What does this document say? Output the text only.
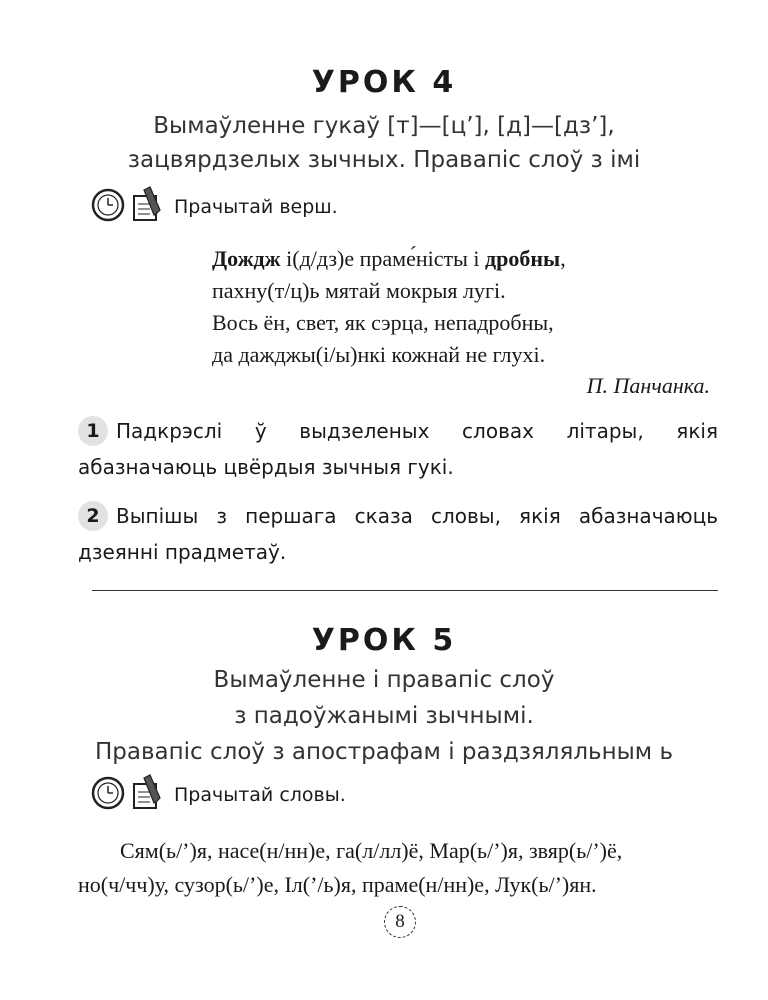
УРОК 4
Вымаўленне гукаў [т]—[ц’], [д]—[дз’],
зацвярдзелых зычных. Правапіс слоў з імі
Прачытай верш.
Дождж і(д/дз)е праме́ністы і дробны,
пахну(т/ц)ь мятай мокрыя лугі.
Вось ён, свет, як сэрца, непадробны,
да дажджы(і/ы)нкі кожнай не глухі.
П. Панчанка.
1 Падкрэслі ў выдзеленых словах літары, якія абазначаюць цвёрдыя зычныя гукі.
2 Выпішы з першага сказа словы, якія абазначаюць дзеянні прадметаў.
УРОК 5
Вымаўленне і правапіс слоў
з падоўжанымі зычнымі.
Правапіс слоў з апострафам і раздзяляльным ь
Прачытай словы.
Сям(ь/’)я, насе(н/нн)е, га(л/лл)ё, Мар(ь/’)я, звяр(ь/’)ё,
но(ч/чч)у, сузор(ь/’)е, Іл(’/ь)я, праме(н/нн)е, Лук(ь/’)ян.
8
